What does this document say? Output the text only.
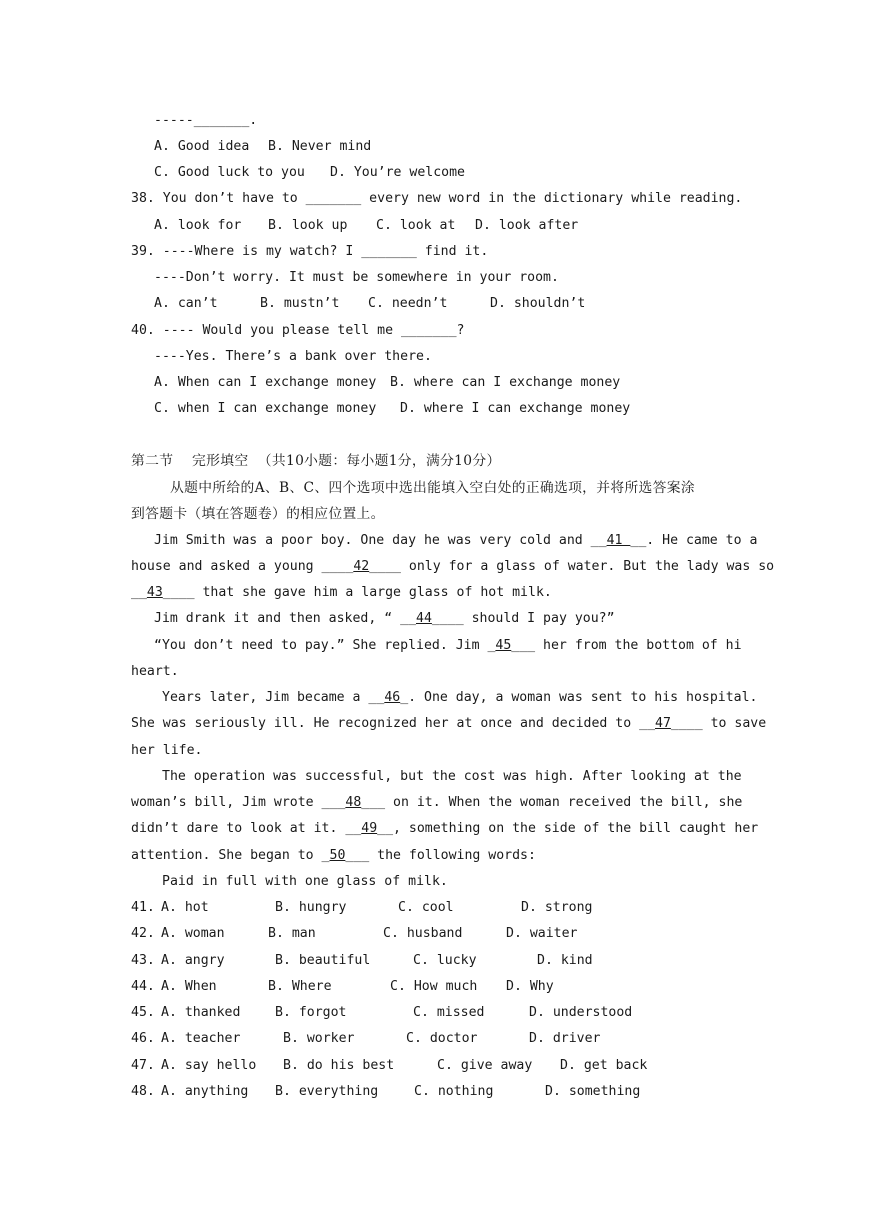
-----_______.
A. Good idea B. Never mind
C. Good luck to you D. You’re welcome
38. You don’t have to _______ every new word in the dictionary while reading.
A. look for B. look up C. look at D. look after
39. ----Where is my watch? I _______ find it.
----Don’t worry. It must be somewhere in your room.
A. can’t	B. mustn’t C. needn’t	D. shouldn’t
40. ---- Would you please tell me _______?
----Yes. There’s a bank over there.
A. When can I exchange money B. where can I exchange money
C. when I can exchange money D. where I can exchange money
第二节    完形填空  （共10小题：每小题1分，满分10分）
从题中所给的A、B、C、四个选项中选出能填入空白处的正确选项，并将所选答案涂
到答题卡（填在答题卷）的相应位置上。
Jim Smith was a poor boy. One day he was very cold and __41 __. He came to a
house and asked a young ____42____ only for a glass of water. But the lady was so
__43____ that she gave him a large glass of hot milk.
Jim drank it and then asked, “ __44____ should I pay you?”
“You don’t need to pay.” She replied. Jim _45___ her from the bottom of hi
heart.
Years later, Jim became a __46_. One day, a woman was sent to his hospital.
She was seriously ill. He recognized her at once and decided to __47____ to save
her life.
The operation was successful, but the cost was high. After looking at the
woman’s bill, Jim wrote ___48___ on it. When the woman received the bill, she
didn’t dare to look at it. __49__, something on the side of the bill caught her
attention. She began to _50___ the following words:
Paid in full with one glass of milk.
41. A. hot	B. hungry	C. cool	D. strong
42. A. woman	B. man	C. husband	D. waiter
43. A. angry	B. beautiful	C. lucky	D. kind
44. A. When	B. Where	C. How much D. Why
45. A. thanked	B. forgot	C. missed	D. understood
46. A. teacher	B. worker	C. doctor	D. driver
47. A. say hello B. do his best	C. give away D. get back
48. A. anything B. everything	C. nothing	D. something
